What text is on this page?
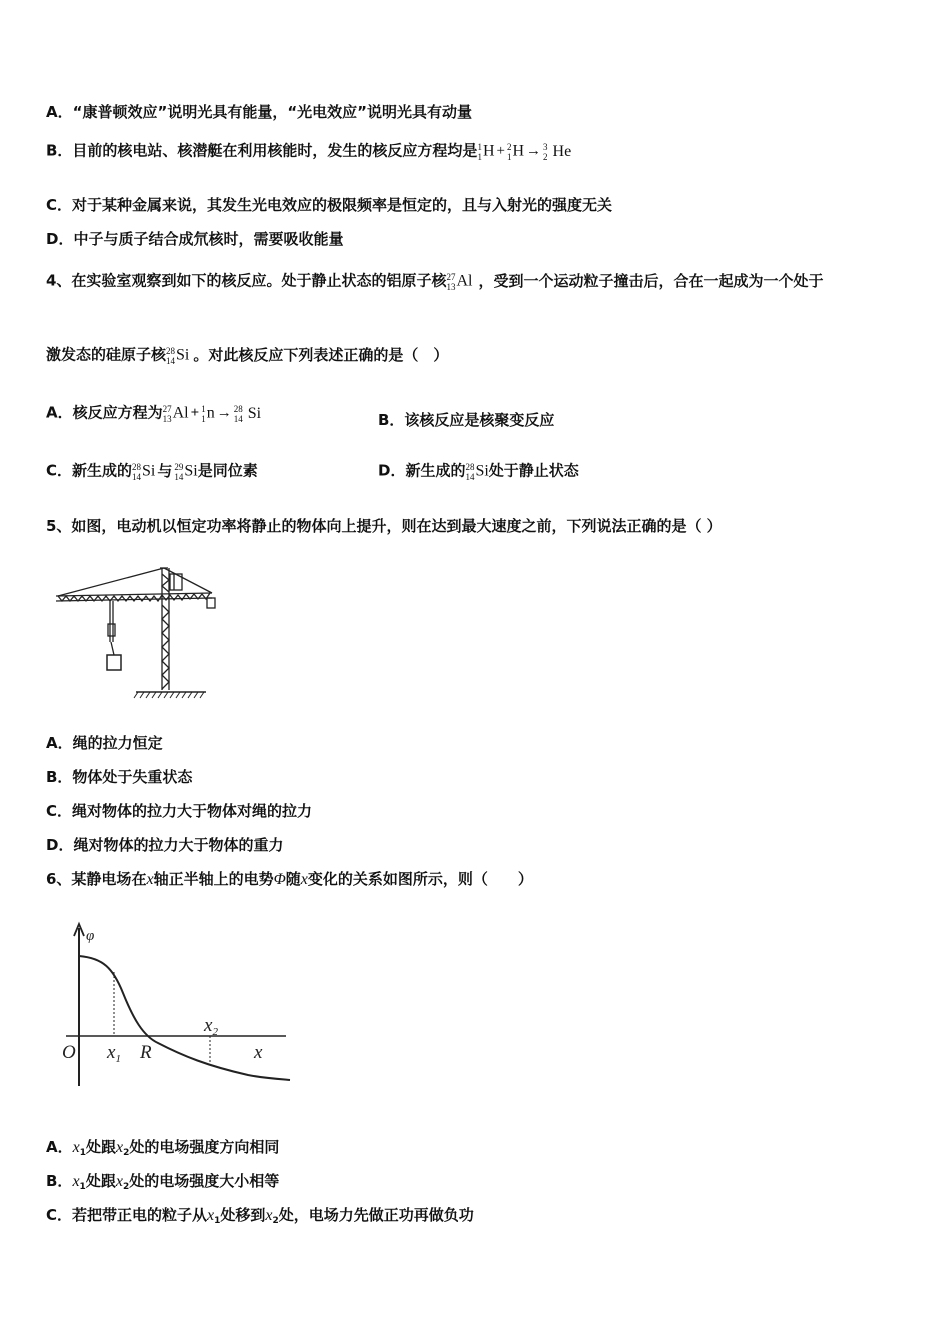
A．“康普顿效应”说明光具有能量，“光电效应”说明光具有动量
B．目前的核电站、核潜艇在利用核能时，发生的核反应方程均是 1
1 H + 2
1 H → 3
2 He
C．对于某种金属来说，其发生光电效应的极限频率是恒定的，且与入射光的强度无关
D．中子与质子结合成氘核时，需要吸收能量
4、在实验室观察到如下的核反应。处于静止状态的铝原子核 27
13 Al ，受到一个运动粒子撞击后，合在一起成为一个处于
激发态的硅原子核 28
14 Si 。对此核反应下列表述正确的是（　）
A．核反应方程为 27
13 Al + 1
1 n → 28
14 Si	B．该核反应是核聚变反应
C．新生成的 28
14 Si 与 29
14 Si是同位素	D．新生成的 28
14 Si处于静止状态
5、如图，电动机以恒定功率将静止的物体向上提升，则在达到最大速度之前，下列说法正确的是（ ）
A．绳的拉力恒定
B．物体处于失重状态
C．绳对物体的拉力大于物体对绳的拉力
D．绳对物体的拉力大于物体的重力
6、某静电场在x轴正半轴上的电势Φ随x变化的关系如图所示，则（　　）
φ
O $x_1$ R
$x_2$
x
A．$x_1$处跟$x_2$处的电场强度方向相同
B．$x_1$处跟$x_2$处的电场强度大小相等
C．若把带正电的粒子从$x_1$处移到$x_2$处，电场力先做正功再做负功
